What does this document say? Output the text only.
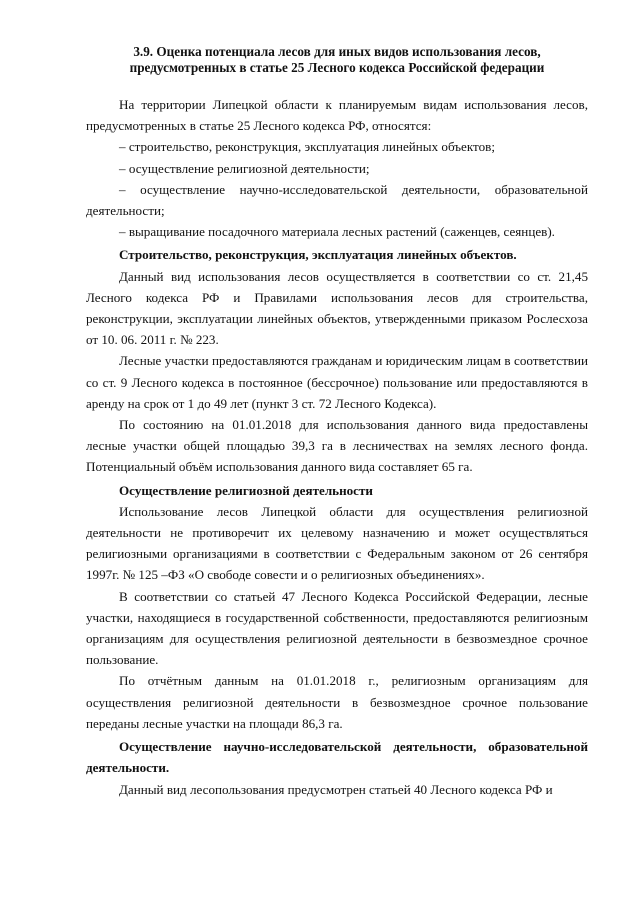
3.9. Оценка потенциала лесов для иных видов использования лесов,
предусмотренных в статье 25 Лесного кодекса Российской федерации

На территории Липецкой области к планируемым видам использования лесов, предусмотренных в статье 25 Лесного кодекса РФ, относятся:

– строительство, реконструкция, эксплуатация линейных объектов;

– осуществление религиозной деятельности;

– осуществление научно-исследовательской деятельности, образовательной деятельности;

– выращивание посадочного материала лесных растений (саженцев, сеянцев).

Строительство, реконструкция, эксплуатация линейных объектов.

Данный вид использования лесов осуществляется в соответствии со ст. 21,45 Лесного кодекса РФ и Правилами использования лесов для строительства, реконструкции, эксплуатации линейных объектов, утвержденными приказом Рослесхоза от 10. 06. 2011 г. № 223.

Лесные участки предоставляются гражданам и юридическим лицам в соответствии со ст. 9 Лесного кодекса в постоянное (бессрочное) пользование или предоставляются в аренду на срок от 1 до 49 лет (пункт 3 ст. 72 Лесного Кодекса).

По состоянию на 01.01.2018 для использования данного вида предоставлены лесные участки общей площадью 39,3 га в лесничествах на землях лесного фонда. Потенциальный объём использования данного вида составляет 65 га.

Осуществление религиозной деятельности

Использование лесов Липецкой области для осуществления религиозной деятельности не противоречит их целевому назначению и может осуществляться религиозными организациями в соответствии с Федеральным законом от 26 сентября 1997г. № 125 –ФЗ «О свободе совести и о религиозных объединениях».

В соответствии со статьей 47 Лесного Кодекса Российской Федерации, лесные участки, находящиеся в государственной собственности, предоставляются религиозным организациям для осуществления религиозной деятельности в безвозмездное срочное пользование.

По отчётным данным на 01.01.2018 г., религиозным организациям для осуществления религиозной деятельности в безвозмездное срочное пользование переданы лесные участки на площади 86,3 га.

Осуществление научно-исследовательской деятельности, образовательной деятельности.

Данный вид лесопользования предусмотрен статьей 40 Лесного кодекса РФ и
